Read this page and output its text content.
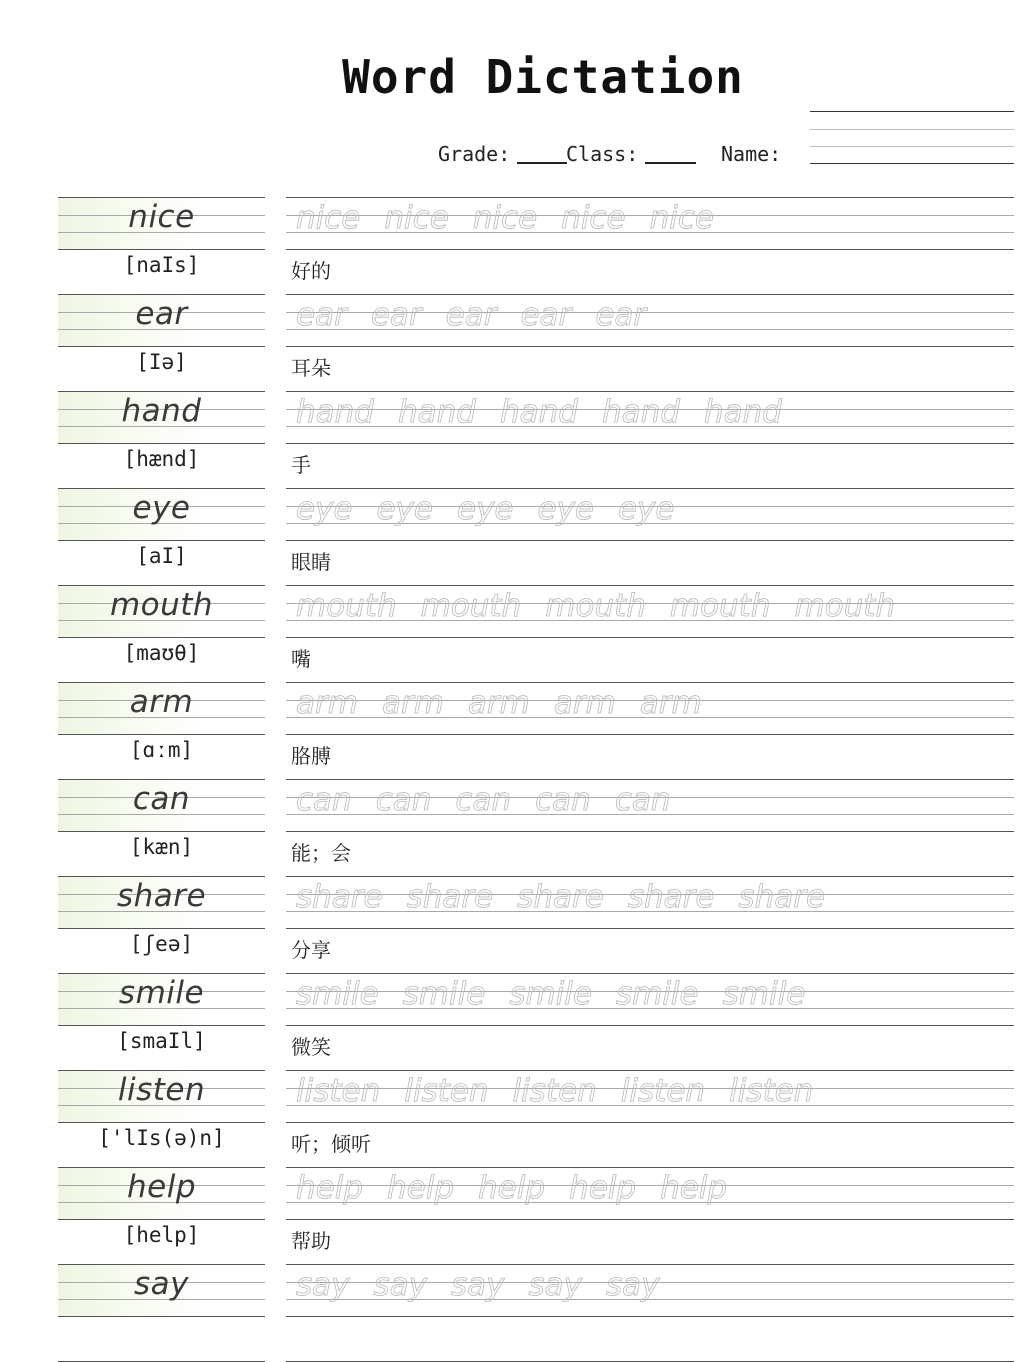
Word Dictation
Grade:	Class:	Name:
nice	nice nice nice nice nice
[naIs]	好的
ear	ear ear ear ear ear
[Iə]	耳朵
hand	hand hand hand hand hand
[hænd]	手
eye	eye eye eye eye eye
[aI]	眼睛
mouth	mouth mouth mouth mouth mouth
[maʊθ]	嘴
arm	arm arm arm arm arm
[ɑːm]	胳膊
can	can can can can can
[kæn]	能；会
share	share share share share share
[ʃeə]	分享
smile	smile smile smile smile smile
[smaIl]	微笑
listen	listen listen listen listen listen
['lIs(ə)n]	听；倾听
help	help help help help help
[help]	帮助
say	say say say say say
